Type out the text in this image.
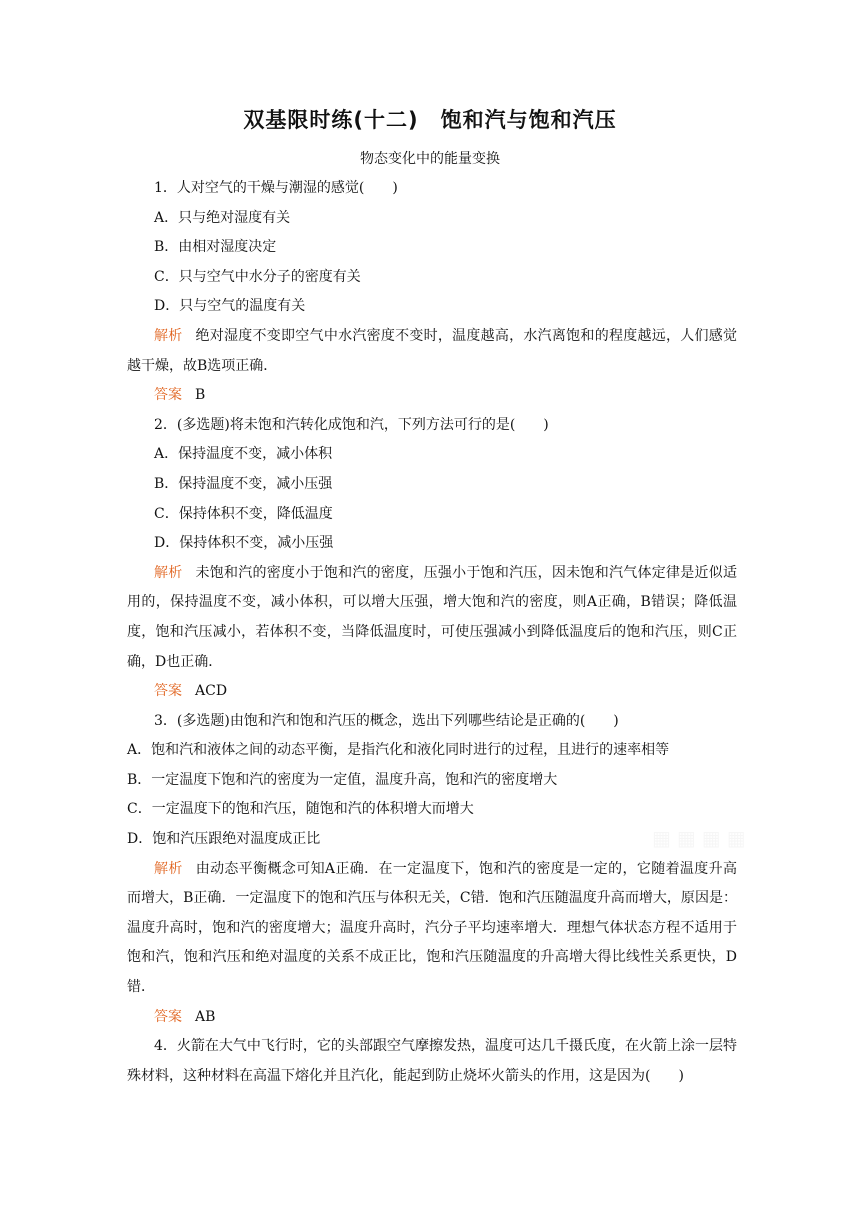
双基限时练(十二)　饱和汽与饱和汽压
物态变化中的能量变换
1．人对空气的干燥与潮湿的感觉(　　)
A．只与绝对湿度有关
B．由相对湿度决定
C．只与空气中水分子的密度有关
D．只与空气的温度有关
解析 绝对湿度不变即空气中水汽密度不变时，温度越高，水汽离饱和的程度越远，人们感觉越干燥，故B选项正确．
答案 B
2．(多选题)将未饱和汽转化成饱和汽，下列方法可行的是(　　)
A．保持温度不变，减小体积
B．保持温度不变，减小压强
C．保持体积不变，降低温度
D．保持体积不变，减小压强
解析 未饱和汽的密度小于饱和汽的密度，压强小于饱和汽压，因未饱和汽气体定律是近似适用的，保持温度不变，减小体积，可以增大压强，增大饱和汽的密度，则A正确，B错误；降低温度，饱和汽压减小，若体积不变，当降低温度时，可使压强减小到降低温度后的饱和汽压，则C正确，D也正确．
答案 ACD
3．(多选题)由饱和汽和饱和汽压的概念，选出下列哪些结论是正确的(　　)
A．饱和汽和液体之间的动态平衡，是指汽化和液化同时进行的过程，且进行的速率相等
B．一定温度下饱和汽的密度为一定值，温度升高，饱和汽的密度增大
C．一定温度下的饱和汽压，随饱和汽的体积增大而增大
D．饱和汽压跟绝对温度成正比
解析 由动态平衡概念可知A正确．在一定温度下，饱和汽的密度是一定的，它随着温度升高而增大，B正确．一定温度下的饱和汽压与体积无关，C错．饱和汽压随温度升高而增大，原因是：温度升高时，饱和汽的密度增大；温度升高时，汽分子平均速率增大．理想气体状态方程不适用于饱和汽，饱和汽压和绝对温度的关系不成正比，饱和汽压随温度的升高增大得比线性关系更快，D错．
答案 AB
4．火箭在大气中飞行时，它的头部跟空气摩擦发热，温度可达几千摄氏度，在火箭上涂一层特殊材料，这种材料在高温下熔化并且汽化，能起到防止烧坏火箭头的作用，这是因为(　　)
